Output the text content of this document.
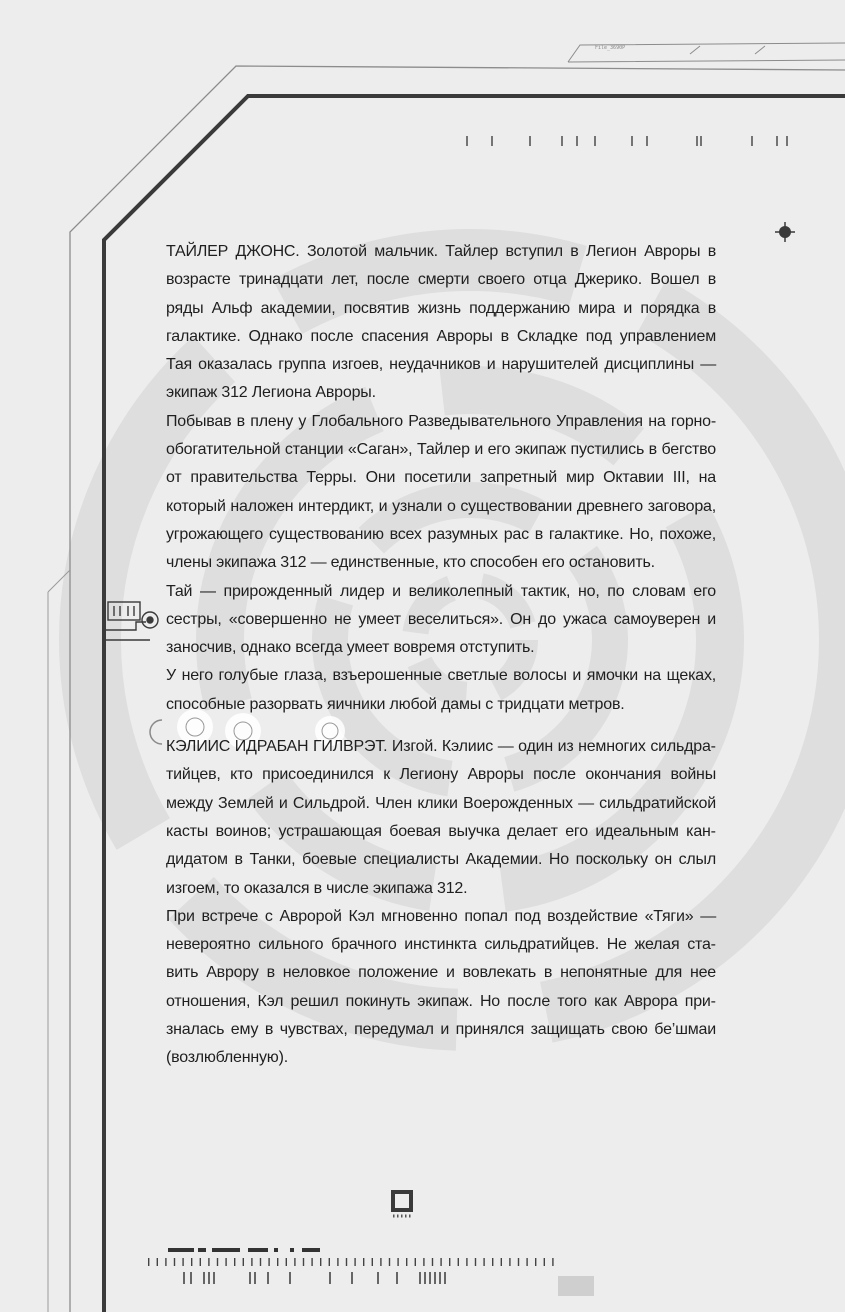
File_3690P

ТАЙЛЕР ДЖОНС. Золотой мальчик. Тайлер вступил в Легион Авроры в возрасте тринадцати лет, после смерти своего отца Джерико. Вошел в ряды Альф академии, посвятив жизнь поддержанию мира и порядка в галактике. Однако после спасения Авроры в Складке под управлением Тая оказалась группа изгоев, неудачников и нарушителей дисциплины — экипаж 312 Легиона Авроры.

Побывав в плену у Глобального Разведывательного Управления на горно-обогатительной станции «Саган», Тайлер и его экипаж пустились в бегство от правительства Терры. Они посетили запретный мир Октавии III, на который наложен интердикт, и узнали о существовании древнего заговора, угрожающего существованию всех разумных рас в галактике. Но, похоже, члены экипажа 312 — единственные, кто способен его остановить.

Тай — прирожденный лидер и великолепный тактик, но, по словам его сестры, «совершенно не умеет веселиться». Он до ужаса самоуверен и заносчив, однако всегда умеет вовремя отступить.

У него голубые глаза, взъерошенные светлые волосы и ямочки на щеках, способные разорвать яичники любой дамы с тридцати метров.

КЭЛИИС ИДРАБАН ГИЛВРЭТ. Изгой. Кэлиис — один из немногих сильдратийцев, кто присоединился к Легиону Авроры после окончания войны между Землей и Сильдрой. Член клики Воерожденных — сильдратийской касты воинов; устрашающая боевая выучка делает его идеальным кандидатом в Танки, боевые специалисты Академии. Но поскольку он слыл изгоем, то оказался в числе экипажа 312.

При встрече с Авророй Кэл мгновенно попал под воздействие «Тяги» — невероятно сильного брачного инстинкта сильдратийцев. Не желая ставить Аврору в неловкое положение и вовлекать в непонятные для нее отношения, Кэл решил покинуть экипаж. Но после того как Аврора призналась ему в чувствах, передумал и принялся защищать свою бе’шмаи (возлюбленную).
